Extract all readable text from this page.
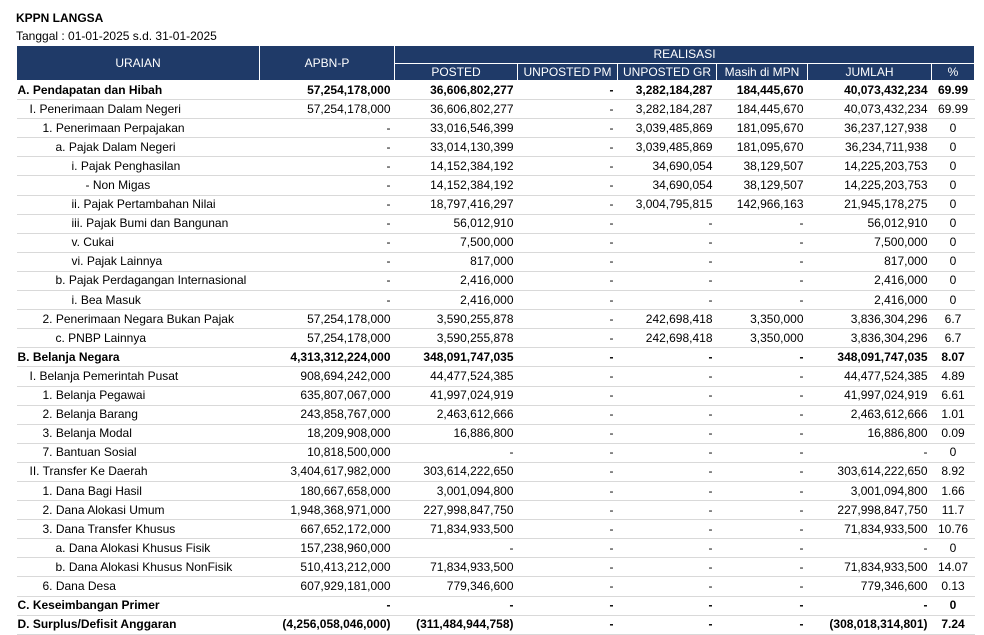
KPPN LANGSA
Tanggal : 01-01-2025 s.d. 31-01-2025
URAIAN	APBN-P	REALISASI					
		POSTED	UNPOSTED PM	UNPOSTED GR	Masih di MPN	JUMLAH	%
A. Pendapatan dan Hibah	57,254,178,000	36,606,802,277	-	3,282,184,287	184,445,670	40,073,432,234	69.99
I. Penerimaan Dalam Negeri	57,254,178,000	36,606,802,277	-	3,282,184,287	184,445,670	40,073,432,234	69.99
1. Penerimaan Perpajakan	-	33,016,546,399	-	3,039,485,869	181,095,670	36,237,127,938	0
a. Pajak Dalam Negeri	-	33,014,130,399	-	3,039,485,869	181,095,670	36,234,711,938	0
i. Pajak Penghasilan	-	14,152,384,192	-	34,690,054	38,129,507	14,225,203,753	0
- Non Migas	-	14,152,384,192	-	34,690,054	38,129,507	14,225,203,753	0
ii. Pajak Pertambahan Nilai	-	18,797,416,297	-	3,004,795,815	142,966,163	21,945,178,275	0
iii. Pajak Bumi dan Bangunan	-	56,012,910	-	-	-	56,012,910	0
v. Cukai	-	7,500,000	-	-	-	7,500,000	0
vi. Pajak Lainnya	-	817,000	-	-	-	817,000	0
b. Pajak Perdagangan Internasional	-	2,416,000	-	-	-	2,416,000	0
i. Bea Masuk	-	2,416,000	-	-	-	2,416,000	0
2. Penerimaan Negara Bukan Pajak	57,254,178,000	3,590,255,878	-	242,698,418	3,350,000	3,836,304,296	6.7
c. PNBP Lainnya	57,254,178,000	3,590,255,878	-	242,698,418	3,350,000	3,836,304,296	6.7
B. Belanja Negara	4,313,312,224,000	348,091,747,035	-	-	-	348,091,747,035	8.07
I. Belanja Pemerintah Pusat	908,694,242,000	44,477,524,385	-	-	-	44,477,524,385	4.89
1. Belanja Pegawai	635,807,067,000	41,997,024,919	-	-	-	41,997,024,919	6.61
2. Belanja Barang	243,858,767,000	2,463,612,666	-	-	-	2,463,612,666	1.01
3. Belanja Modal	18,209,908,000	16,886,800	-	-	-	16,886,800	0.09
7. Bantuan Sosial	10,818,500,000	-	-	-	-	-	0
II. Transfer Ke Daerah	3,404,617,982,000	303,614,222,650	-	-	-	303,614,222,650	8.92
1. Dana Bagi Hasil	180,667,658,000	3,001,094,800	-	-	-	3,001,094,800	1.66
2. Dana Alokasi Umum	1,948,368,971,000	227,998,847,750	-	-	-	227,998,847,750	11.7
3. Dana Transfer Khusus	667,652,172,000	71,834,933,500	-	-	-	71,834,933,500	10.76
a. Dana Alokasi Khusus Fisik	157,238,960,000	-	-	-	-	-	0
b. Dana Alokasi Khusus NonFisik	510,413,212,000	71,834,933,500	-	-	-	71,834,933,500	14.07
6. Dana Desa	607,929,181,000	779,346,600	-	-	-	779,346,600	0.13
C. Keseimbangan Primer	-	-	-	-	-	-	0
D. Surplus/Defisit Anggaran	(4,256,058,046,000)	(311,484,944,758)	-	-	-	(308,018,314,801)	7.24
